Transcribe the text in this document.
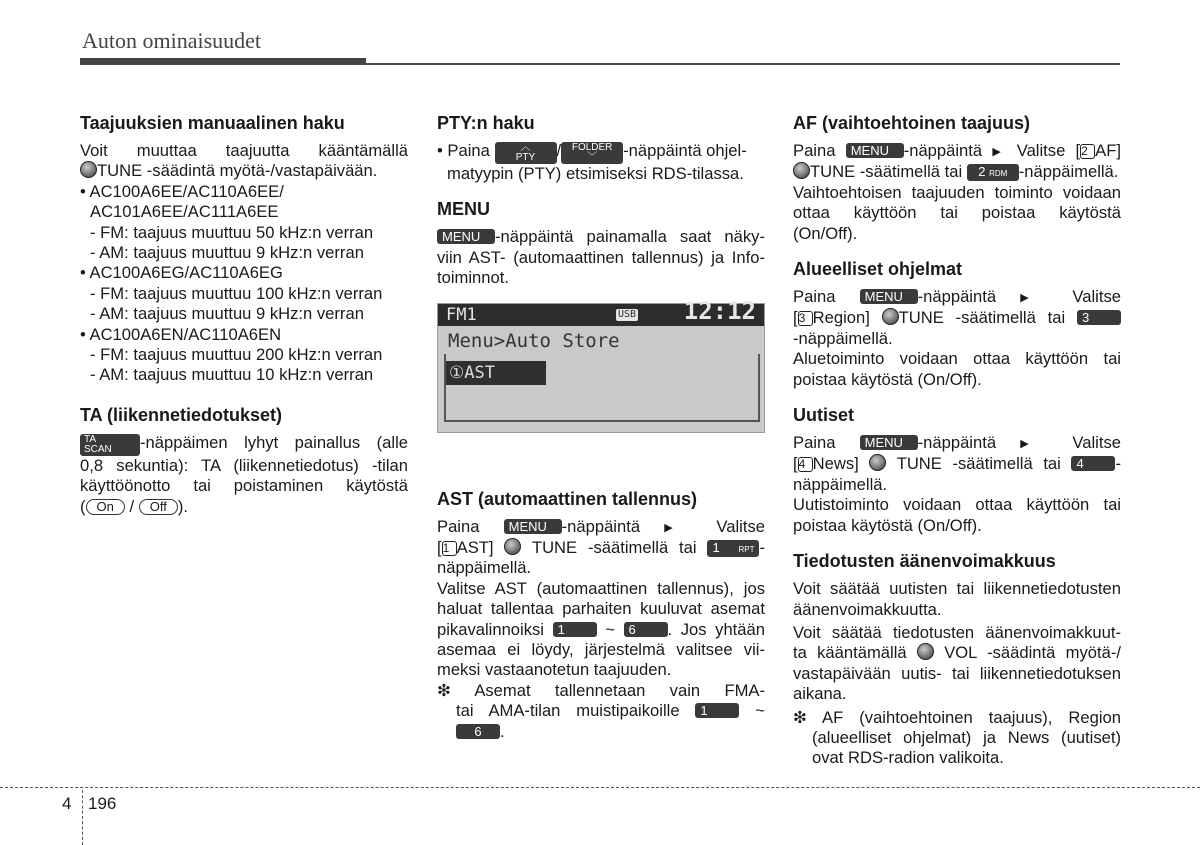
Auton ominaisuudet
Taajuuksien manuaalinen haku

Voit muuttaa taajuutta kääntämällä

TUNE -säädintä myötä-/vastapäivään.

• AC100A6EE/AC110A6EE/

AC101A6EE/AC111A6EE

- FM: taajuus muuttuu 50 kHz:n verran

- AM: taajuus muuttuu 9 kHz:n verran

• AC100A6EG/AC110A6EG

- FM: taajuus muuttuu 100 kHz:n verran

- AM: taajuus muuttuu 9 kHz:n verran

• AC100A6EN/AC110A6EN

- FM: taajuus muuttuu 200 kHz:n verran

- AM: taajuus muuttuu 10 kHz:n verran

TA (liikennetiedotukset)

TA
SCAN -näppäimen lyhyt painallus (alle

0,8 sekuntia): TA (liikennetiedotus) -tilan

käyttöönotto tai poistaminen käytöstä

( On / Off ).

PTY:n haku

• Paina	︿
PTY / FOLDER
﹀ -näppäintä ohjel-

matyypin (PTY) etsimiseksi RDS-tilassa.

MENU

MENU -näppäintä painamalla saat näky-

viin AST- (automaattinen tallennus) ja Info-

toiminnot.

FM1	USB 12:12
Menu>Auto Store
①AST
AST (automaattinen tallennus)

Paina MENU -näppäintä ▶ Valitse

[1 AST] TUNE -säätimellä tai 1 RPT -

näppäimellä.

Valitse AST (automaattinen tallennus), jos

haluat tallentaa parhaiten kuuluvat asemat

pikavalinnoiksi 1 ~ 6 . Jos yhtään

asemaa ei löydy, järjestelmä valitsee vii-

meksi vastaanotetun taajuuden.

❇ Asemat tallennetaan vain FMA-

tai AMA-tilan muistipaikoille 1	~

6 .

AF (vaihtoehtoinen taajuus)

Paina MENU -näppäintä ▶ Valitse [2 AF]

TUNE -säätimellä tai 2 RDM -näppäimellä.

Vaihtoehtoisen taajuuden toiminto voidaan

ottaa käyttöön tai poistaa käytöstä

(On/Off).

Alueelliset ohjelmat

Paina MENU -näppäintä ▶ Valitse

[3 Region] TUNE -säätimellä tai 3

-näppäimellä.

Aluetoiminto voidaan ottaa käyttöön tai

poistaa käytöstä (On/Off).

Uutiset

Paina MENU -näppäintä ▶ Valitse

[4 News] TUNE -säätimellä tai 4 -

näppäimellä.

Uutistoiminto voidaan ottaa käyttöön tai

poistaa käytöstä (On/Off).

Tiedotusten äänenvoimakkuus

Voit säätää uutisten tai liikennetiedotusten

äänenvoimakkuutta.

Voit säätää tiedotusten äänenvoimakkuut-

ta kääntämällä VOL -säädintä myötä-/

vastapäivään uutis- tai liikennetiedotuksen

aikana.

❇ AF (vaihtoehtoinen taajuus), Region

(alueelliset ohjelmat) ja News (uutiset)

ovat RDS-radion valikoita.

4 196
